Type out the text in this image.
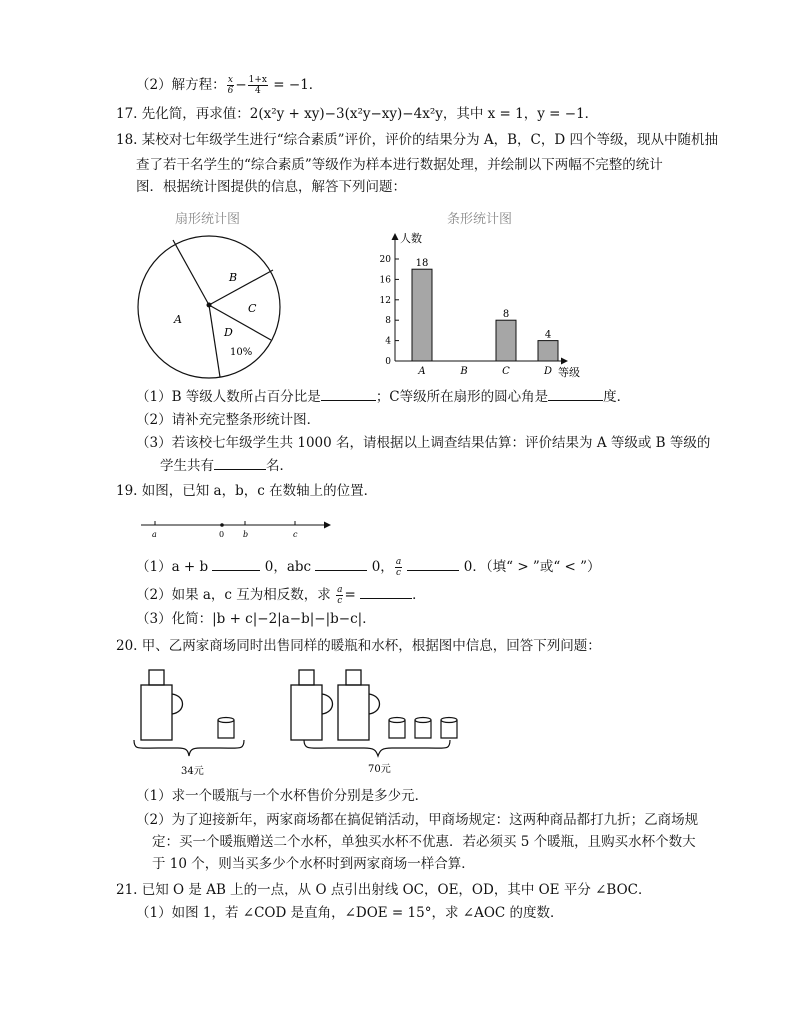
（2）解方程： $\frac{x}{6} - \frac{1+x}{4} = -1$．
17. 先化简，再求值：2(x²y + xy)−3(x²y−xy)−4x²y，其中 x = 1，y = −1．
18. 某校对七年级学生进行“综合素质”评价，评价的结果分为 A，B，C，D 四个等级，现从中随机抽
查了若干名学生的“综合素质”等级作为样本进行数据处理，并绘制以下两幅不完整的统计
图．根据统计图提供的信息，解答下列问题：
扇形统计图
A
B
C
D
10%
条形统计图
人数
等级
0
4
8
12
16
20 18
A	B
8
C
4
D
（1）B 等级人数所占百分比是	；C等级所在扇形的圆心角是	度．
（2）请补充完整条形统计图．
（3）若该校七年级学生共 1000 名，请根据以上调查结果估算：评价结果为 A 等级或 B 等级的
学生共有	名．
19. 如图，已知 a，b，c 在数轴上的位置．
a	0 b	c
（1）a + b	0，abc	0， $\frac{a}{c}$	0．（填“ > ”或“ < ”）
（2）如果 a，c 互为相反数，求 $\frac{a}{c}$ =	．
（3）化简：|b + c|−2|a−b|−|b−c|．
20. 甲、乙两家商场同时出售同样的暖瓶和水杯，根据图中信息，回答下列问题：
34元	70元
（1）求一个暖瓶与一个水杯售价分别是多少元．
（2）为了迎接新年，两家商场都在搞促销活动，甲商场规定：这两种商品都打九折；乙商场规
定：买一个暖瓶赠送二个水杯，单独买水杯不优惠．若必须买 5 个暖瓶，且购买水杯个数大
于 10 个，则当买多少个水杯时到两家商场一样合算．
21. 已知 O 是 AB 上的一点，从 O 点引出射线 OC，OE，OD，其中 OE 平分 ∠BOC．
（1）如图 1，若 ∠COD 是直角，∠DOE = 15°，求 ∠AOC 的度数．
